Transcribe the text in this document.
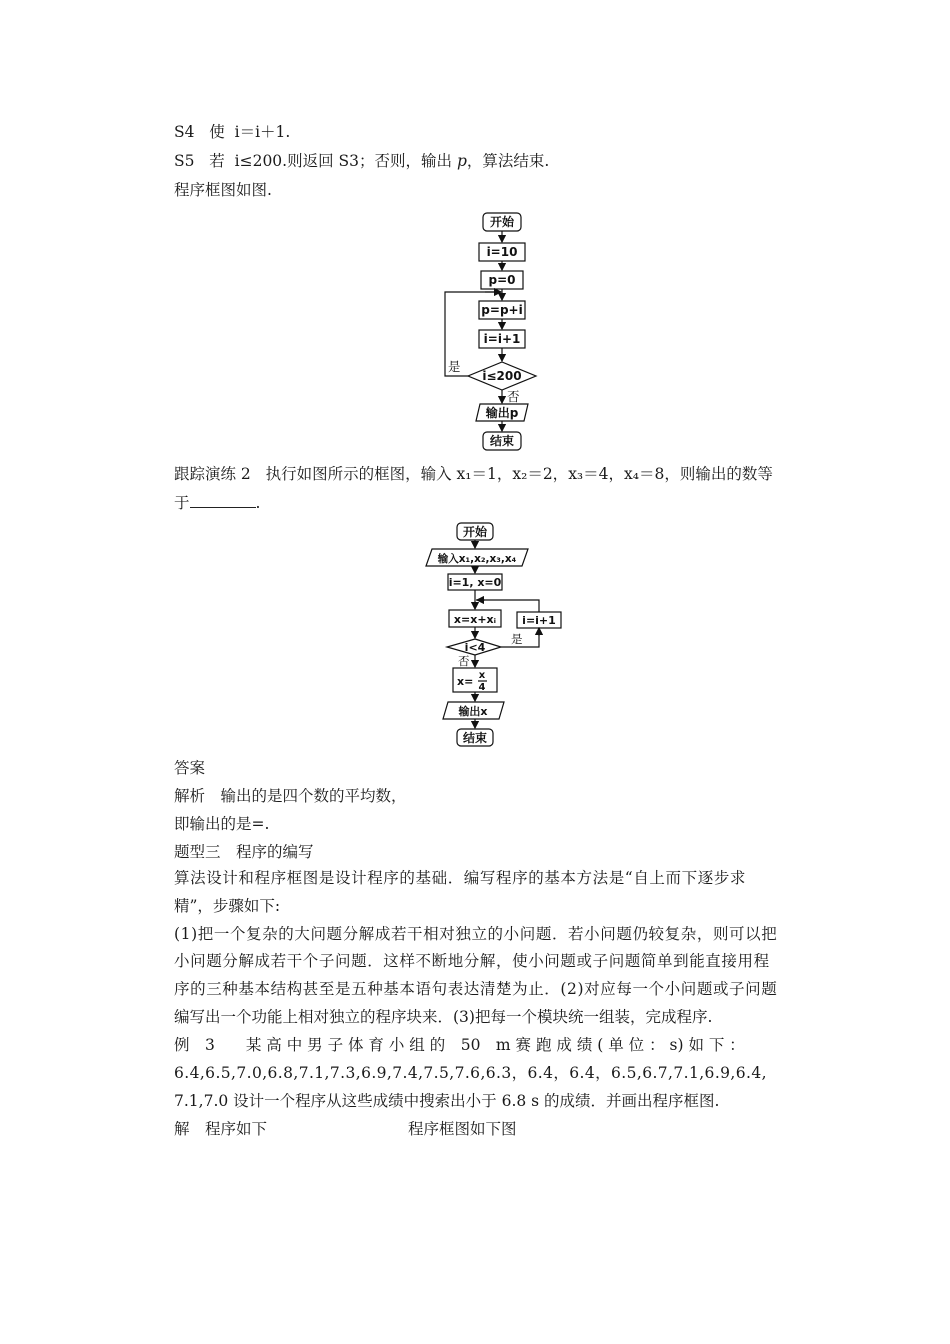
S4 使 i＝i＋1.
S5 若 i≤200.则返回 S3；否则，输出 p，算法结束.
程序框图如图.
开始
i=10
p=0
p=p+i
i=i+1
i≤200
是
否
输出p
结束
跟踪演练 2 执行如图所示的框图，输入 x₁＝1，x₂＝2，x₃＝4，x₄＝8，则输出的数等
于	.
开始
输入x₁,x₂,x₃,x₄
i=1, x=0
x=x+xᵢ i=i+1
i<4
是
否
x= x
4
输出x
结束
答案
解析　输出的是四个数的平均数，
即输出的是=.
题型三　程序的编写
算法设计和程序框图是设计程序的基础．编写程序的基本方法是“自上而下逐步求
精”，步骤如下:
(1)把一个复杂的大问题分解成若干相对独立的小问题．若小问题仍较复杂，则可以把
小问题分解成若干个子问题．这样不断地分解，使小问题或子问题简单到能直接用程
序的三种基本结构甚至是五种基本语句表达清楚为止．(2)对应每一个小问题或子问题
编写出一个功能上相对独立的程序块来．(3)把每一个模块统一组装，完成程序.
例　3　　某 高 中 男 子 体 育 小 组 的　50　m 赛 跑 成 绩 ( 单 位 ： s) 如 下 ：
6.4,6.5,7.0,6.8,7.1,7.3,6.9,7.4,7.5,7.6,6.3，6.4，6.4，6.5,6.7,7.1,6.9,6.4,
7.1,7.0 设计一个程序从这些成绩中搜索出小于 6.8 s 的成绩．并画出程序框图.
解　程序如下	程序框图如下图
